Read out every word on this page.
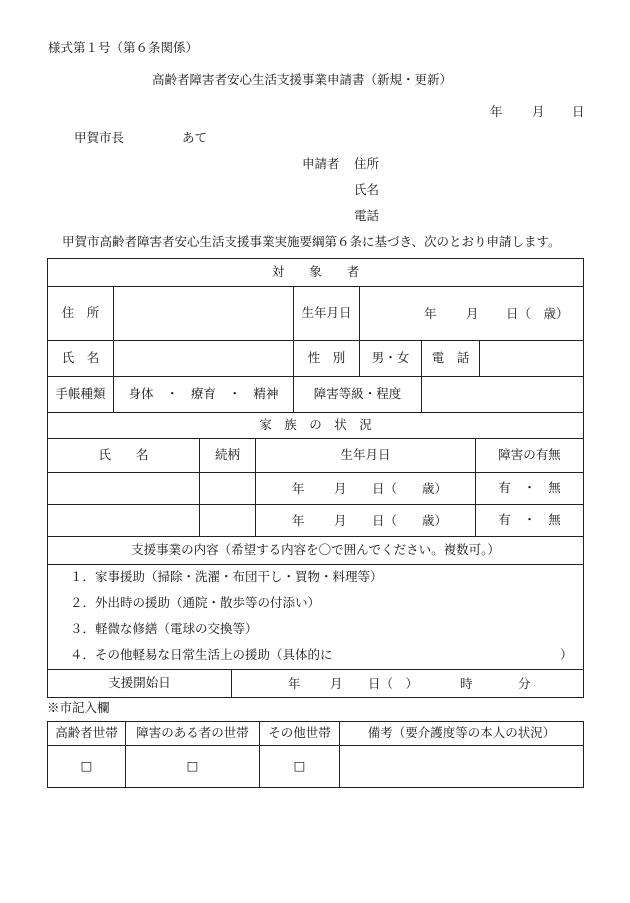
様式第１号（第６条関係）
高齢者障害者安心生活支援事業申請書（新規・更新）
年 月 日
甲賀市長	あて
申請者 住所
氏名
電話
甲賀市高齢者障害者安心生活支援事業実施要綱第６条に基づき、次のとおり申請します。
対　　象　　者					
住　所		生年月日	年 月 日（　歳）		

氏　名		性　別	男・女	電　話	
手帳種類	身体　・　療育　・　精神	障害等級・程度			
家　族　の　状　況			
氏　　名	続柄	生年月日	障害の有無

		年 月 日（　　歳）	有　・　無

		年 月 日（　　歳）	有　・　無
支援事業の内容（希望する内容を〇で囲んでください。複数可。）

１．家事援助（掃除・洗濯・布団干し・買物・料理等）
２．外出時の援助（通院・散歩等の付添い）
３．軽微な修繕（電球の交換等）
４．その他軽易な日常生活上の援助（具体的に	）

支援開始日	年 月 日（　）	時	分
※市記入欄
高齢者世帯	障害のある者の世帯	その他世帯	備考（要介護度等の本人の状況）
□	□	□	
